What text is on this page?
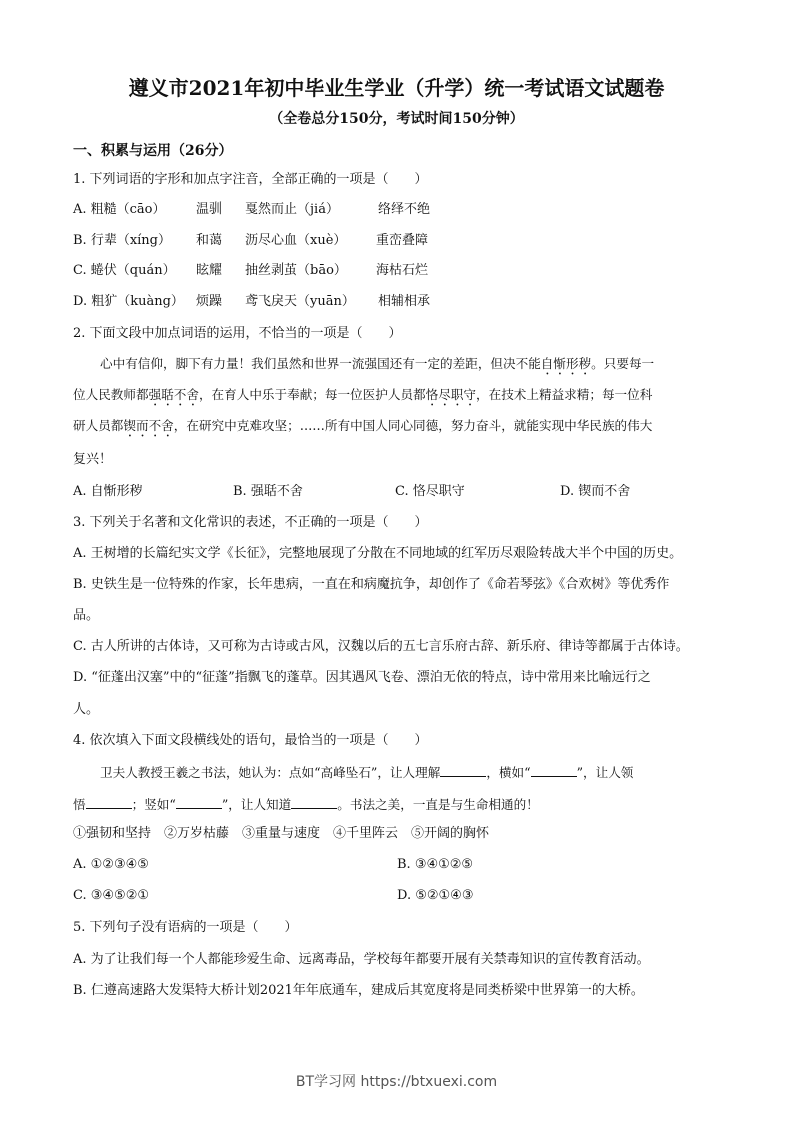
遵义市2021年初中毕业生学业（升学）统一考试语文试题卷
（全卷总分150分，考试时间150分钟）
一、积累与运用（26分）
1. 下列词语的字形和加点字注音，全部正确的一项是（　　）
A. 粗糙（cāo） 温驯 戛然而止（jiá）	络绎不绝
B. 行辈（xíng） 和蔼 沥尽心血（xuè） 重峦叠障
C. 蜷伏（quán） 眩耀 抽丝剥茧（bāo） 海枯石烂
D. 粗犷（kuàng） 烦躁 鸢飞戾天（yuān） 相辅相承
2. 下面文段中加点词语的运用，不恰当的一项是（　　）
心中有信仰，脚下有力量！我们虽然和世界一流强国还有一定的差距，但决不能自惭形秽。只要每一
位人民教师都强聒不舍，在育人中乐于奉献；每一位医护人员都恪尽职守，在技术上精益求精；每一位科
研人员都锲而不舍，在研究中克难攻坚；……所有中国人同心同德，努力奋斗，就能实现中华民族的伟大
复兴！
A. 自惭形秽	B. 强聒不舍	C. 恪尽职守	D. 锲而不舍
3. 下列关于名著和文化常识的表述，不正确的一项是（　　）
A. 王树增的长篇纪实文学《长征》，完整地展现了分散在不同地域的红军历尽艰险转战大半个中国的历史。
B. 史铁生是一位特殊的作家，长年患病，一直在和病魔抗争，却创作了《命若琴弦》《合欢树》等优秀作
品。
C. 古人所讲的古体诗，又可称为古诗或古风，汉魏以后的五七言乐府古辞、新乐府、律诗等都属于古体诗。
D. “征蓬出汉塞”中的“征蓬”指飘飞的蓬草。因其遇风飞卷、漂泊无依的特点，诗中常用来比喻远行之
人。
4. 依次填入下面文段横线处的语句，最恰当的一项是（　　）
卫夫人教授王羲之书法，她认为：点如“高峰坠石”，让人理解	，横如“	”，让人领
悟	；竖如“	”，让人知道	。书法之美，一直是与生命相通的！
①强韧和坚持　②万岁枯藤　③重量与速度　④千里阵云　⑤开阔的胸怀
A. ①②③④⑤	B. ③④①②⑤
C. ③④⑤②①	D. ⑤②①④③
5. 下列句子没有语病的一项是（　　）
A. 为了让我们每一个人都能珍爱生命、远离毒品，学校每年都要开展有关禁毒知识的宣传教育活动。
B. 仁遵高速路大发渠特大桥计划2021年年底通车，建成后其宽度将是同类桥梁中世界第一的大桥。
BT学习网 https://btxuexi.com
